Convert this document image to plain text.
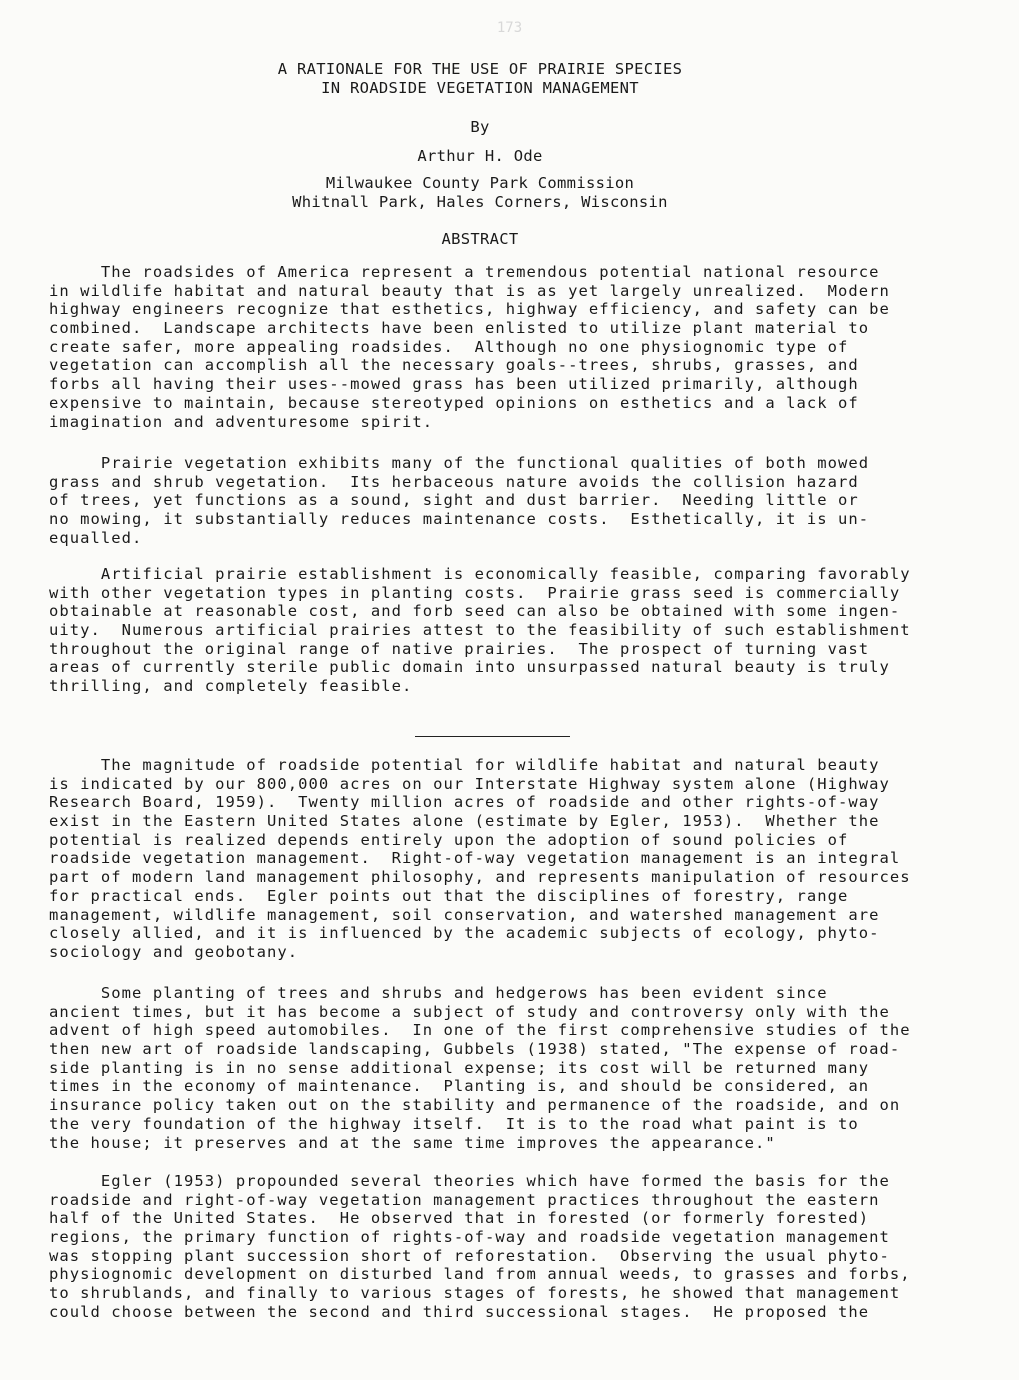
173
A RATIONALE FOR THE USE OF PRAIRIE SPECIES
IN ROADSIDE VEGETATION MANAGEMENT
By
Arthur H. Ode
Milwaukee County Park Commission
Whitnall Park, Hales Corners, Wisconsin
ABSTRACT
The roadsides of America represent a tremendous potential national resource
in wildlife habitat and natural beauty that is as yet largely unrealized.  Modern
highway engineers recognize that esthetics, highway efficiency, and safety can be
combined.  Landscape architects have been enlisted to utilize plant material to
create safer, more appealing roadsides.  Although no one physiognomic type of
vegetation can accomplish all the necessary goals--trees, shrubs, grasses, and
forbs all having their uses--mowed grass has been utilized primarily, although
expensive to maintain, because stereotyped opinions on esthetics and a lack of
imagination and adventuresome spirit.
Prairie vegetation exhibits many of the functional qualities of both mowed
grass and shrub vegetation.  Its herbaceous nature avoids the collision hazard
of trees, yet functions as a sound, sight and dust barrier.  Needing little or
no mowing, it substantially reduces maintenance costs.  Esthetically, it is un-
equalled.
Artificial prairie establishment is economically feasible, comparing favorably
with other vegetation types in planting costs.  Prairie grass seed is commercially
obtainable at reasonable cost, and forb seed can also be obtained with some ingen-
uity.  Numerous artificial prairies attest to the feasibility of such establishment
throughout the original range of native prairies.  The prospect of turning vast
areas of currently sterile public domain into unsurpassed natural beauty is truly
thrilling, and completely feasible.
The magnitude of roadside potential for wildlife habitat and natural beauty
is indicated by our 800,000 acres on our Interstate Highway system alone (Highway
Research Board, 1959).  Twenty million acres of roadside and other rights-of-way
exist in the Eastern United States alone (estimate by Egler, 1953).  Whether the
potential is realized depends entirely upon the adoption of sound policies of
roadside vegetation management.  Right-of-way vegetation management is an integral
part of modern land management philosophy, and represents manipulation of resources
for practical ends.  Egler points out that the disciplines of forestry, range
management, wildlife management, soil conservation, and watershed management are
closely allied, and it is influenced by the academic subjects of ecology, phyto-
sociology and geobotany.
Some planting of trees and shrubs and hedgerows has been evident since
ancient times, but it has become a subject of study and controversy only with the
advent of high speed automobiles.  In one of the first comprehensive studies of the
then new art of roadside landscaping, Gubbels (1938) stated, "The expense of road-
side planting is in no sense additional expense; its cost will be returned many
times in the economy of maintenance.  Planting is, and should be considered, an
insurance policy taken out on the stability and permanence of the roadside, and on
the very foundation of the highway itself.  It is to the road what paint is to
the house; it preserves and at the same time improves the appearance."
Egler (1953) propounded several theories which have formed the basis for the
roadside and right-of-way vegetation management practices throughout the eastern
half of the United States.  He observed that in forested (or formerly forested)
regions, the primary function of rights-of-way and roadside vegetation management
was stopping plant succession short of reforestation.  Observing the usual phyto-
physiognomic development on disturbed land from annual weeds, to grasses and forbs,
to shrublands, and finally to various stages of forests, he showed that management
could choose between the second and third successional stages.  He proposed the
